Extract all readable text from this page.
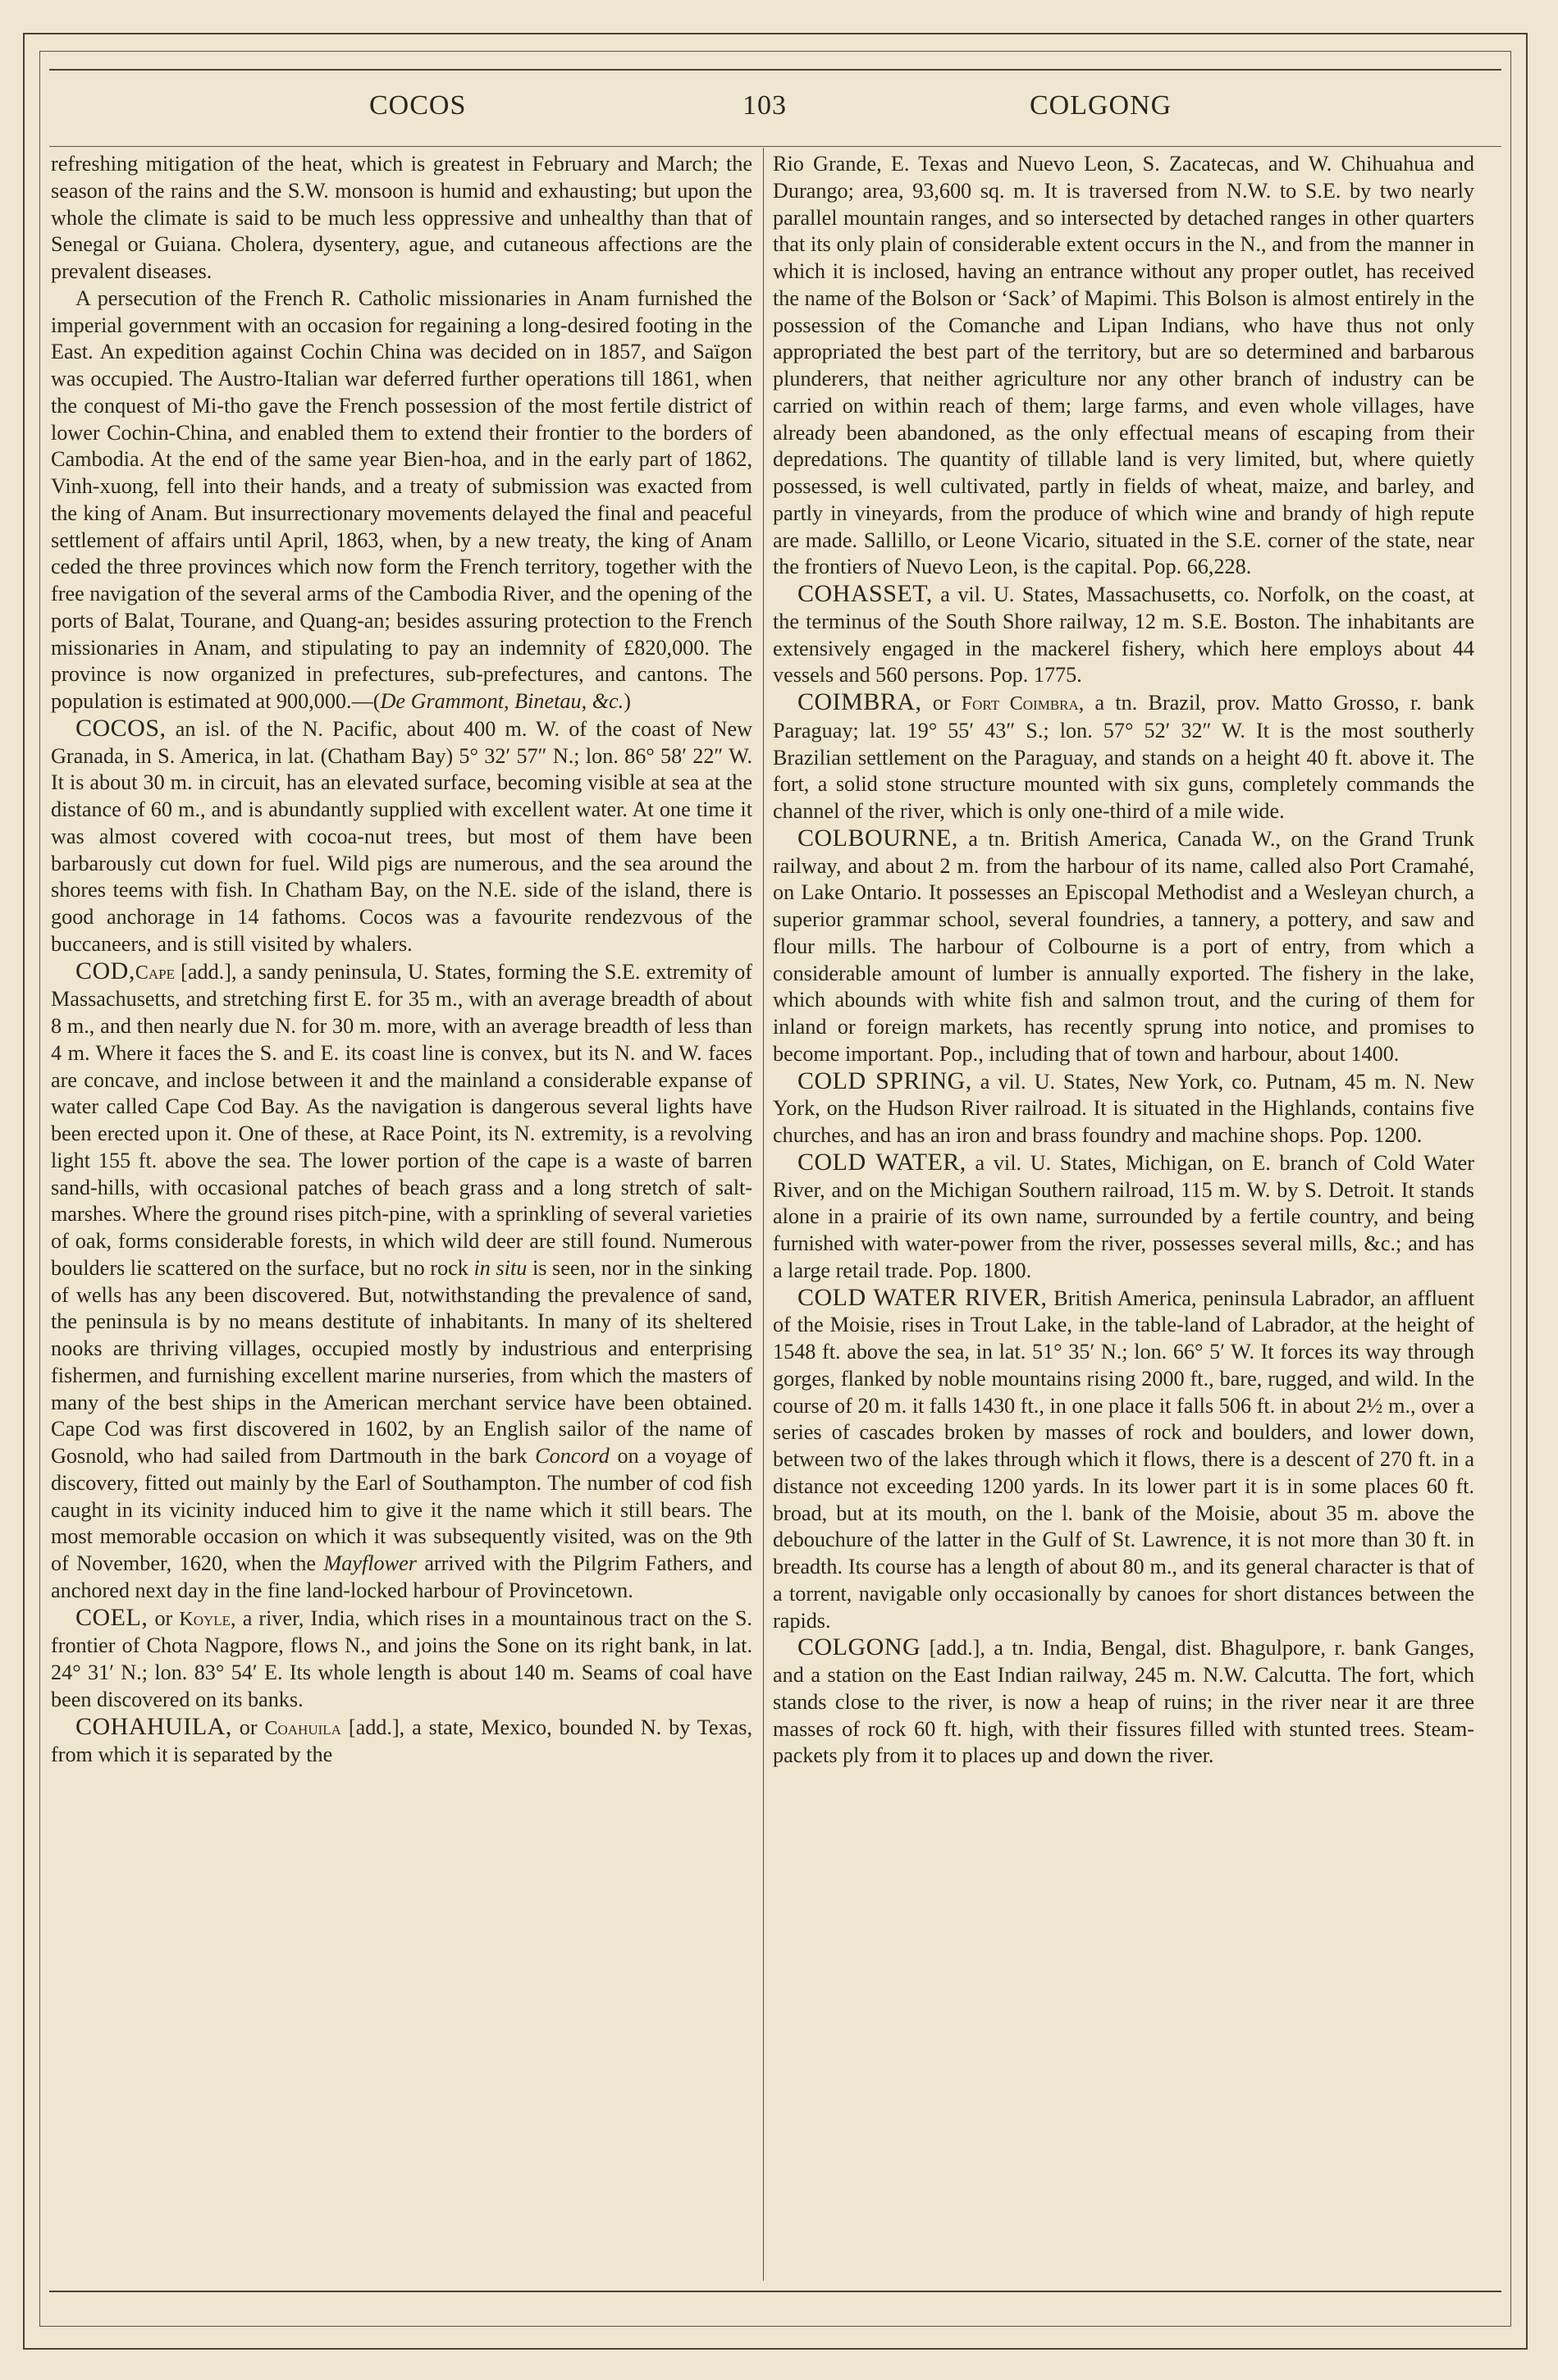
COCOS	103	COLGONG

refreshing mitigation of the heat, which is greatest in February and March; the season of the rains and the S.W. monsoon is humid and exhausting; but upon the whole the climate is said to be much less oppressive and unhealthy than that of Senegal or Guiana. Cholera, dysentery, ague, and cutaneous affections are the prevalent diseases.

A persecution of the French R. Catholic missionaries in Anam furnished the imperial government with an occasion for regaining a long-desired footing in the East. An expedition against Cochin China was decided on in 1857, and Saïgon was occupied. The Austro-Italian war deferred further operations till 1861, when the conquest of Mi-tho gave the French possession of the most fertile district of lower Cochin-China, and enabled them to extend their frontier to the borders of Cambodia. At the end of the same year Bien-hoa, and in the early part of 1862, Vinh-xuong, fell into their hands, and a treaty of submission was exacted from the king of Anam. But insurrectionary movements delayed the final and peaceful settlement of affairs until April, 1863, when, by a new treaty, the king of Anam ceded the three provinces which now form the French territory, together with the free navigation of the several arms of the Cambodia River, and the opening of the ports of Balat, Tourane, and Quang-an; besides assuring protection to the French missionaries in Anam, and stipulating to pay an indemnity of £820,000. The province is now organized in prefectures, sub-prefectures, and cantons. The population is estimated at 900,000.—(De Grammont, Binetau, &c.)

COCOS, an isl. of the N. Pacific, about 400 m. W. of the coast of New Granada, in S. America, in lat. (Chatham Bay) 5° 32′ 57″ N.; lon. 86° 58′ 22″ W. It is about 30 m. in circuit, has an elevated surface, becoming visible at sea at the distance of 60 m., and is abundantly supplied with excellent water. At one time it was almost covered with cocoa-nut trees, but most of them have been barbarously cut down for fuel. Wild pigs are numerous, and the sea around the shores teems with fish. In Chatham Bay, on the N.E. side of the island, there is good anchorage in 14 fathoms. Cocos was a favourite rendezvous of the buccaneers, and is still visited by whalers.

COD,Cape [add.], a sandy peninsula, U. States, forming the S.E. extremity of Massachusetts, and stretching first E. for 35 m., with an average breadth of about 8 m., and then nearly due N. for 30 m. more, with an average breadth of less than 4 m. Where it faces the S. and E. its coast line is convex, but its N. and W. faces are concave, and inclose between it and the mainland a considerable expanse of water called Cape Cod Bay. As the navigation is dangerous several lights have been erected upon it. One of these, at Race Point, its N. extremity, is a revolving light 155 ft. above the sea. The lower portion of the cape is a waste of barren sand-hills, with occasional patches of beach grass and a long stretch of salt-marshes. Where the ground rises pitch-pine, with a sprinkling of several varieties of oak, forms considerable forests, in which wild deer are still found. Numerous boulders lie scattered on the surface, but no rock in situ is seen, nor in the sinking of wells has any been discovered. But, notwithstanding the prevalence of sand, the peninsula is by no means destitute of inhabitants. In many of its sheltered nooks are thriving villages, occupied mostly by industrious and enterprising fishermen, and furnishing excellent marine nurseries, from which the masters of many of the best ships in the American merchant service have been obtained. Cape Cod was first discovered in 1602, by an English sailor of the name of Gosnold, who had sailed from Dartmouth in the bark Concord on a voyage of discovery, fitted out mainly by the Earl of Southampton. The number of cod fish caught in its vicinity induced him to give it the name which it still bears. The most memorable occasion on which it was subsequently visited, was on the 9th of November, 1620, when the Mayflower arrived with the Pilgrim Fathers, and anchored next day in the fine land-locked harbour of Provincetown.

COEL, or Koyle, a river, India, which rises in a mountainous tract on the S. frontier of Chota Nagpore, flows N., and joins the Sone on its right bank, in lat. 24° 31′ N.; lon. 83° 54′ E. Its whole length is about 140 m. Seams of coal have been discovered on its banks.

COHAHUILA, or Coahuila [add.], a state, Mexico, bounded N. by Texas, from which it is separated by the

Rio Grande, E. Texas and Nuevo Leon, S. Zacatecas, and W. Chihuahua and Durango; area, 93,600 sq. m. It is traversed from N.W. to S.E. by two nearly parallel mountain ranges, and so intersected by detached ranges in other quarters that its only plain of considerable extent occurs in the N., and from the manner in which it is inclosed, having an entrance without any proper outlet, has received the name of the Bolson or ‘Sack’ of Mapimi. This Bolson is almost entirely in the possession of the Comanche and Lipan Indians, who have thus not only appropriated the best part of the territory, but are so determined and barbarous plunderers, that neither agriculture nor any other branch of industry can be carried on within reach of them; large farms, and even whole villages, have already been abandoned, as the only effectual means of escaping from their depredations. The quantity of tillable land is very limited, but, where quietly possessed, is well cultivated, partly in fields of wheat, maize, and barley, and partly in vineyards, from the produce of which wine and brandy of high repute are made. Sallillo, or Leone Vicario, situated in the S.E. corner of the state, near the frontiers of Nuevo Leon, is the capital. Pop. 66,228.

COHASSET, a vil. U. States, Massachusetts, co. Norfolk, on the coast, at the terminus of the South Shore railway, 12 m. S.E. Boston. The inhabitants are extensively engaged in the mackerel fishery, which here employs about 44 vessels and 560 persons. Pop. 1775.

COIMBRA, or Fort Coimbra, a tn. Brazil, prov. Matto Grosso, r. bank Paraguay; lat. 19° 55′ 43″ S.; lon. 57° 52′ 32″ W. It is the most southerly Brazilian settlement on the Paraguay, and stands on a height 40 ft. above it. The fort, a solid stone structure mounted with six guns, completely commands the channel of the river, which is only one-third of a mile wide.

COLBOURNE, a tn. British America, Canada W., on the Grand Trunk railway, and about 2 m. from the harbour of its name, called also Port Cramahé, on Lake Ontario. It possesses an Episcopal Methodist and a Wesleyan church, a superior grammar school, several foundries, a tannery, a pottery, and saw and flour mills. The harbour of Colbourne is a port of entry, from which a considerable amount of lumber is annually exported. The fishery in the lake, which abounds with white fish and salmon trout, and the curing of them for inland or foreign markets, has recently sprung into notice, and promises to become important. Pop., including that of town and harbour, about 1400.

COLD SPRING, a vil. U. States, New York, co. Putnam, 45 m. N. New York, on the Hudson River railroad. It is situated in the Highlands, contains five churches, and has an iron and brass foundry and machine shops. Pop. 1200.

COLD WATER, a vil. U. States, Michigan, on E. branch of Cold Water River, and on the Michigan Southern railroad, 115 m. W. by S. Detroit. It stands alone in a prairie of its own name, surrounded by a fertile country, and being furnished with water-power from the river, possesses several mills, &c.; and has a large retail trade. Pop. 1800.

COLD WATER RIVER, British America, peninsula Labrador, an affluent of the Moisie, rises in Trout Lake, in the table-land of Labrador, at the height of 1548 ft. above the sea, in lat. 51° 35′ N.; lon. 66° 5′ W. It forces its way through gorges, flanked by noble mountains rising 2000 ft., bare, rugged, and wild. In the course of 20 m. it falls 1430 ft., in one place it falls 506 ft. in about 2½ m., over a series of cascades broken by masses of rock and boulders, and lower down, between two of the lakes through which it flows, there is a descent of 270 ft. in a distance not exceeding 1200 yards. In its lower part it is in some places 60 ft. broad, but at its mouth, on the l. bank of the Moisie, about 35 m. above the debouchure of the latter in the Gulf of St. Lawrence, it is not more than 30 ft. in breadth. Its course has a length of about 80 m., and its general character is that of a torrent, navigable only occasionally by canoes for short distances between the rapids.

COLGONG [add.], a tn. India, Bengal, dist. Bhagulpore, r. bank Ganges, and a station on the East Indian railway, 245 m. N.W. Calcutta. The fort, which stands close to the river, is now a heap of ruins; in the river near it are three masses of rock 60 ft. high, with their fissures filled with stunted trees. Steam-packets ply from it to places up and down the river.
